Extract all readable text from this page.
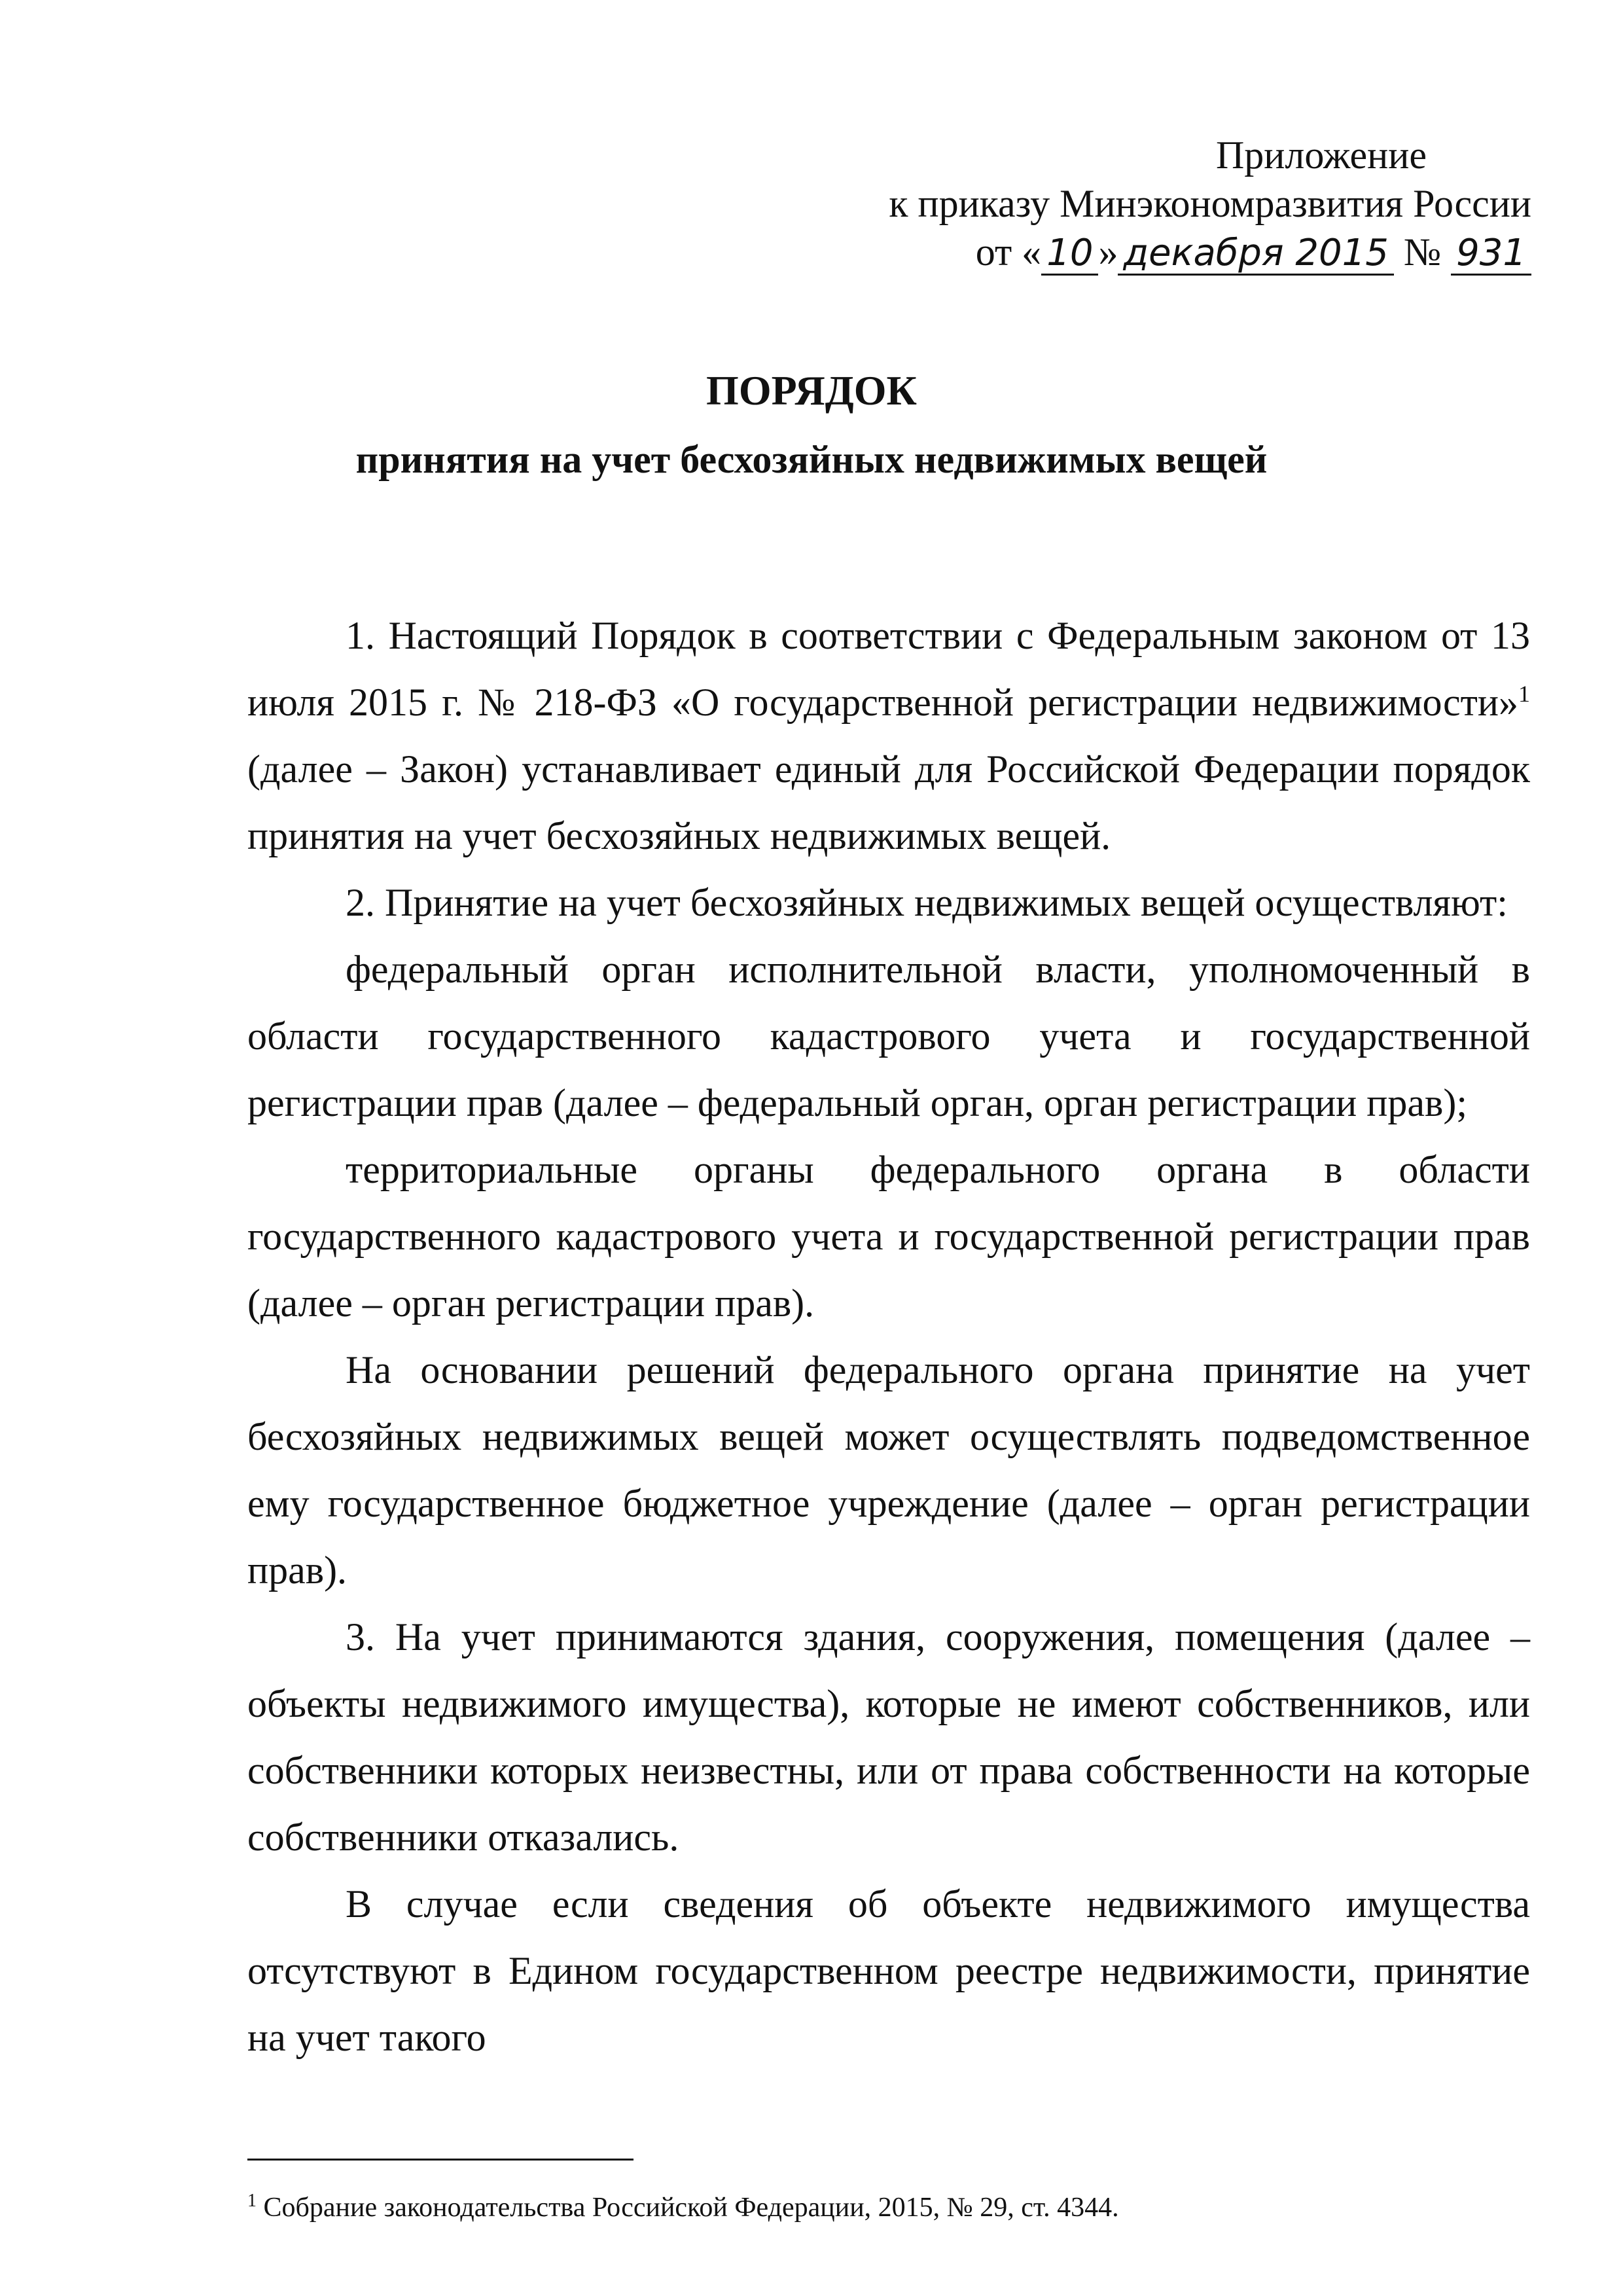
Приложение
к приказу Минэкономразвития России
от « 10 » декабря 2015 № 931
ПОРЯДОК
принятия на учет бесхозяйных недвижимых вещей

1. Настоящий Порядок в соответствии с Федеральным законом от 13 июля 2015 г. № 218-ФЗ «О государственной регистрации недвижимости»$^1$ (далее – Закон) устанавливает единый для Российской Федерации порядок принятия на учет бесхозяйных недвижимых вещей.

2. Принятие на учет бесхозяйных недвижимых вещей осуществляют:

федеральный орган исполнительной власти, уполномоченный в области государственного кадастрового учета и государственной регистрации прав (далее – федеральный орган, орган регистрации прав);

территориальные органы федерального органа в области государственного кадастрового учета и государственной регистрации прав (далее – орган регистрации прав).

На основании решений федерального органа принятие на учет бесхозяйных недвижимых вещей может осуществлять подведомственное ему государственное бюджетное учреждение (далее – орган регистрации прав).

3. На учет принимаются здания, сооружения, помещения (далее – объекты недвижимого имущества), которые не имеют собственников, или собственники которых неизвестны, или от права собственности на которые собственники отказались.

В случае если сведения об объекте недвижимого имущества отсутствуют в Едином государственном реестре недвижимости, принятие на учет такого

$^1$ Собрание законодательства Российской Федерации, 2015, № 29, ст. 4344.
